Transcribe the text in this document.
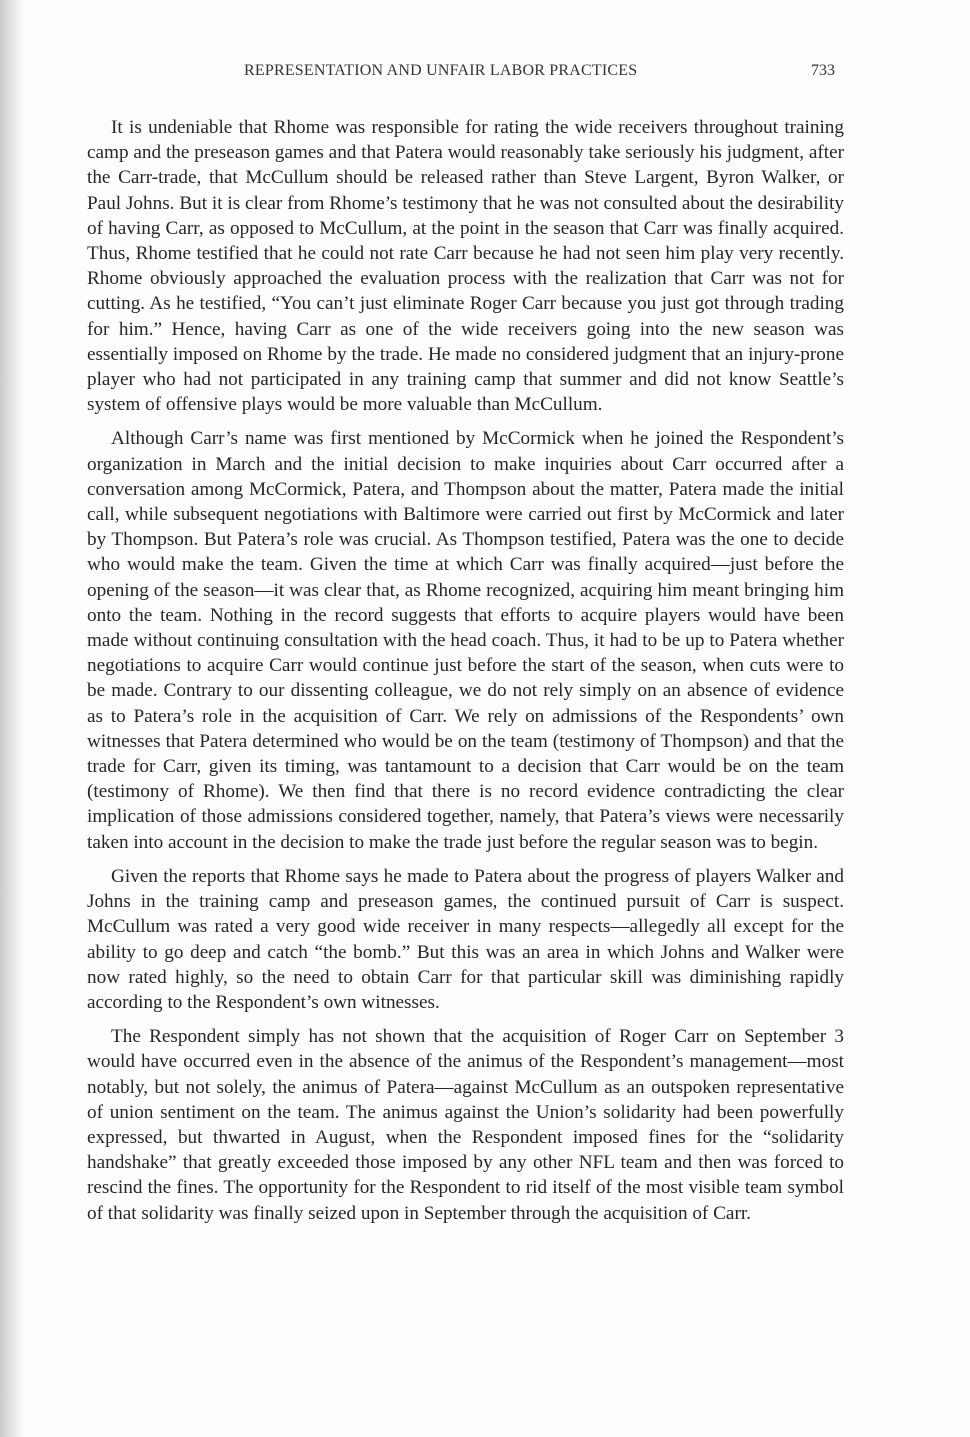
REPRESENTATION AND UNFAIR LABOR PRACTICES	733

It is undeniable that Rhome was responsible for rating the wide receivers throughout training camp and the preseason games and that Patera would reasonably take seriously his judgment, after the Carr-trade, that McCullum should be released rather than Steve Largent, Byron Walker, or Paul Johns. But it is clear from Rhome’s testimony that he was not consulted about the desirability of having Carr, as opposed to McCullum, at the point in the season that Carr was finally acquired. Thus, Rhome testified that he could not rate Carr because he had not seen him play very recently. Rhome obviously approached the evaluation process with the realization that Carr was not for cutting. As he testified, “You can’t just eliminate Roger Carr because you just got through trading for him.” Hence, having Carr as one of the wide receivers going into the new season was essentially imposed on Rhome by the trade. He made no considered judgment that an injury-prone player who had not participated in any training camp that summer and did not know Seattle’s system of offensive plays would be more valuable than McCullum.

Although Carr’s name was first mentioned by McCormick when he joined the Respondent’s organization in March and the initial decision to make inquiries about Carr occurred after a conversation among McCormick, Patera, and Thompson about the matter, Patera made the initial call, while subsequent negotiations with Baltimore were carried out first by McCormick and later by Thompson. But Patera’s role was crucial. As Thompson testified, Patera was the one to decide who would make the team. Given the time at which Carr was finally acquired—just before the opening of the season—it was clear that, as Rhome recognized, acquiring him meant bringing him onto the team. Nothing in the record suggests that efforts to acquire players would have been made without continuing consultation with the head coach. Thus, it had to be up to Patera whether negotiations to acquire Carr would continue just before the start of the season, when cuts were to be made. Contrary to our dissenting colleague, we do not rely simply on an absence of evidence as to Patera’s role in the acquisition of Carr. We rely on admissions of the Respondents’ own witnesses that Patera determined who would be on the team (testimony of Thompson) and that the trade for Carr, given its timing, was tantamount to a decision that Carr would be on the team (testimony of Rhome). We then find that there is no record evidence contradicting the clear implication of those admissions considered together, namely, that Patera’s views were necessarily taken into account in the decision to make the trade just before the regular season was to begin.

Given the reports that Rhome says he made to Patera about the progress of players Walker and Johns in the training camp and preseason games, the continued pursuit of Carr is suspect. McCullum was rated a very good wide receiver in many respects—allegedly all except for the ability to go deep and catch “the bomb.” But this was an area in which Johns and Walker were now rated highly, so the need to obtain Carr for that particular skill was diminishing rapidly according to the Respondent’s own witnesses.

The Respondent simply has not shown that the acquisition of Roger Carr on September 3 would have occurred even in the absence of the animus of the Respondent’s management—most notably, but not solely, the animus of Patera—against McCullum as an outspoken representative of union sentiment on the team. The animus against the Union’s solidarity had been powerfully expressed, but thwarted in August, when the Respondent imposed fines for the “solidarity handshake” that greatly exceeded those imposed by any other NFL team and then was forced to rescind the fines. The opportunity for the Respondent to rid itself of the most visible team symbol of that solidarity was finally seized upon in September through the acquisition of Carr.
